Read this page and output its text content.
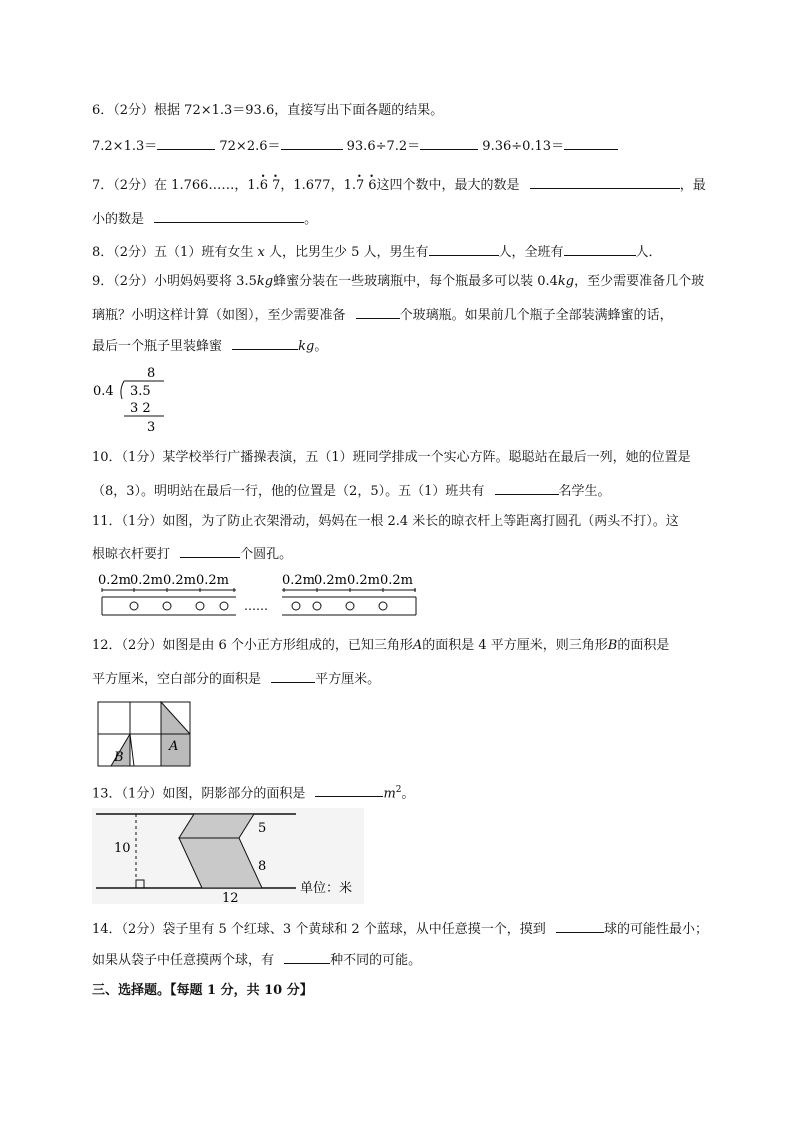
6．（2分）根据 72×1.3＝93.6，直接写出下面各题的结果。
7.2×1.3＝	72×2.6＝	93.6÷7.2＝	9.36÷0.13＝
7．（2分）在 1.766……，1.• 6 • 7，1.677，1.• 7 • 6这四个数中，最大的数是	，最
小的数是	。
8．（2分）五（1）班有女生 x 人，比男生少 5 人，男生有	人，全班有	人．
9．（2分）小明妈妈要将 3.5kg蜂蜜分装在一些玻璃瓶中，每个瓶最多可以装 0.4kg，至少需要准备几个玻
璃瓶？小明这样计算（如图），至少需要准备	个玻璃瓶。如果前几个瓶子全部装满蜂蜜的话，
最后一个瓶子里装蜂蜜	kg。
8
0.4 3.5
3 2
3
10．（1分）某学校举行广播操表演，五（1）班同学排成一个实心方阵。聪聪站在最后一列，她的位置是
（8，3）。明明站在最后一行，他的位置是（2，5）。五（1）班共有	名学生。
11．（1分）如图，为了防止衣架滑动，妈妈在一根 2.4 米长的晾衣杆上等距离打圆孔（两头不打）。这
根晾衣杆要打	个圆孔。
0.2m
0.2m 0.2m 0.2m	0.2m
0.2m 0.2m 0.2m
……
12．（2分）如图是由 6 个小正方形组成的，已知三角形A的面积是 4 平方厘米，则三角形B的面积是
平方厘米，空白部分的面积是	平方厘米。
A
B
13．（1分）如图，阴影部分的面积是	$m^2$。
10
5
8
12
单位：米
14．（2分）袋子里有 5 个红球、3 个黄球和 2 个蓝球，从中任意摸一个，摸到	球的可能性最小；
如果从袋子中任意摸两个球，有	种不同的可能。
三、选择题。【每题 1 分，共 10 分】
